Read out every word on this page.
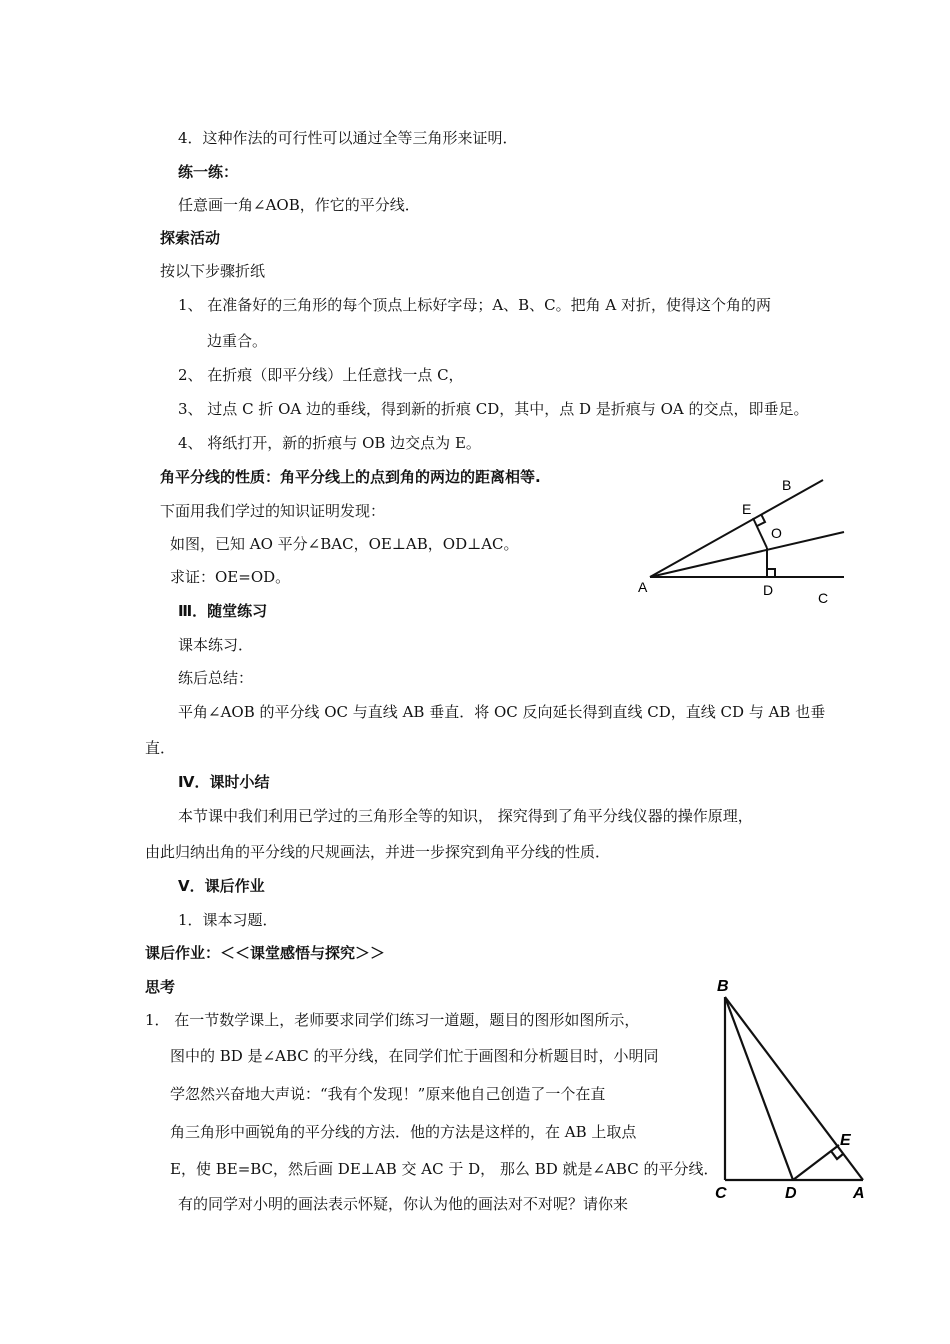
4．这种作法的可行性可以通过全等三角形来证明．
练一练：
任意画一角∠AOB，作它的平分线．
探索活动
按以下步骤折纸
1、 在准备好的三角形的每个顶点上标好字母；A、B、C。把角 A 对折，使得这个角的两
边重合。
2、 在折痕（即平分线）上任意找一点 C，
3、 过点 C 折 OA 边的垂线，得到新的折痕 CD，其中，点 D 是折痕与 OA 的交点，即垂足。
4、 将纸打开，新的折痕与 OB 边交点为 E。
角平分线的性质：角平分线上的点到角的两边的距离相等.
下面用我们学过的知识证明发现：
如图，已知 AO 平分∠BAC，OE⊥AB，OD⊥AC。
求证：OE=OD。
Ⅲ．随堂练习
课本练习．
练后总结：
平角∠AOB 的平分线 OC 与直线 AB 垂直．将 OC 反向延长得到直线 CD，直线 CD 与 AB 也垂
直．
Ⅳ．课时小结
本节课中我们利用已学过的三角形全等的知识， 探究得到了角平分线仪器的操作原理，
由此归纳出角的平分线的尺规画法，并进一步探究到角平分线的性质．
Ⅴ．课后作业
1．课本习题．
课后作业：＜＜课堂感悟与探究＞＞
思考
1． 在一节数学课上，老师要求同学们练习一道题，题目的图形如图所示，
图中的 BD 是∠ABC 的平分线，在同学们忙于画图和分析题目时，小明同
学忽然兴奋地大声说：“我有个发现！”原来他自己创造了一个在直
角三角形中画锐角的平分线的方法．他的方法是这样的，在 AB 上取点
E，使 BE=BC，然后画 DE⊥AB 交 AC 于 D， 那么 BD 就是∠ABC 的平分线．
有的同学对小明的画法表示怀疑，你认为他的画法对不对呢？请你来
A
B
E
O
D	C
B
E
C	D	A
